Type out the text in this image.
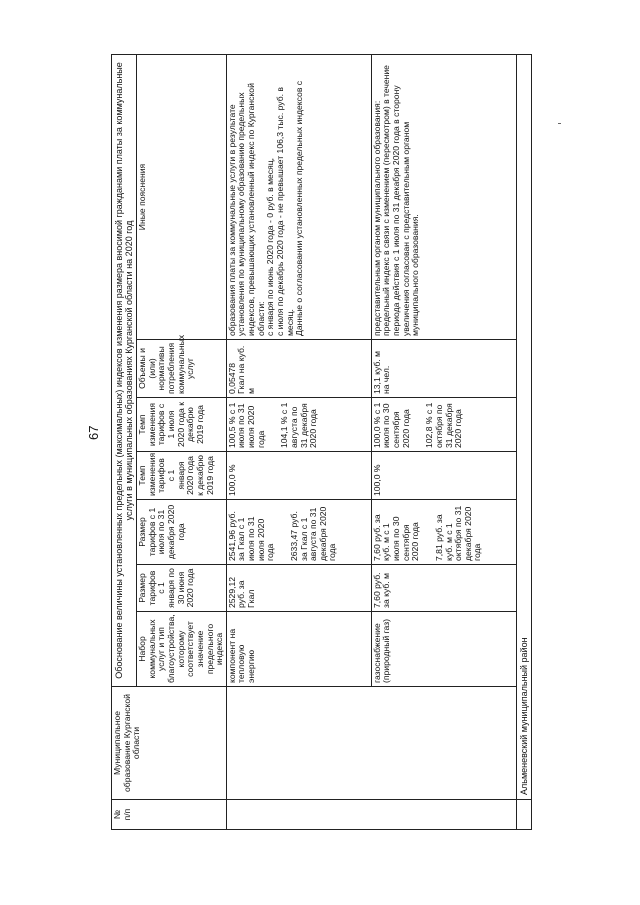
67
№
п/п	Муниципальное образование Курганской области	Обоснование величины установленных предельных (максимальных) индексов изменения размера вносимой гражданами платы за коммунальные услуги в муниципальных образованиях Курганской области на 2020 год						
		Набор коммунальных услуг и тип благоустройства, которому соответствует значение предельного индекса	Размер тарифов с 1 января по 30 июня 2020 года	Размер тарифов с 1 июля по 31 декабря 2020 года	Темп изменения тарифов с 1 января 2020 года к декабрю 2019 года	Темп изменения тарифов с 1 июля 2020 года к декабрю 2019 года	Объемы и (или) нормативы потребления коммунальных услуг	Иные пояснения
		компонент на тепловую энергию	2529,12 руб. за Гкал	2541,96 руб. за Гкал с 1 июля по 31 июля 2020 года 2633,47 руб. за Гкал с 1 августа по 31 декабря 2020 года	100,0 %	100,5 % с 1 июля по 31 июля 2020 года 104,1 % с 1 августа по 31 декабря 2020 года	0,05478 Гкал на куб. м	образования платы за коммунальные услуги в результате установления по муниципальному образованию предельных индексов, превышающих установленный индекс по Курганской области:
с января по июнь 2020 года - 0 руб. в месяц,
с июля по декабрь 2020 года - не превышает 106,3 тыс. руб. в месяц.
Данные о согласовании установленных предельных индексов с
		газоснабжение (природный газ)	7,60 руб. за куб. м	7,60 руб. за куб. м с 1 июля по 30 сентября 2020 года 7,81 руб. за куб. м с 1 октября по 31 декабря 2020 года	100,0 %	100,0 % с 1 июля по 30 сентября 2020 года 102,8 % с 1 октября по 31 декабря 2020 года	13,1 куб. м на чел.	представительным органом муниципального образования: предельный индекс в связи с изменением (пересмотром) в течение периода действия с 1 июля по 31 декабря 2020 года в сторону увеличения согласован с представительным органом муниципального образования.
	Альменевский муниципальный район							
